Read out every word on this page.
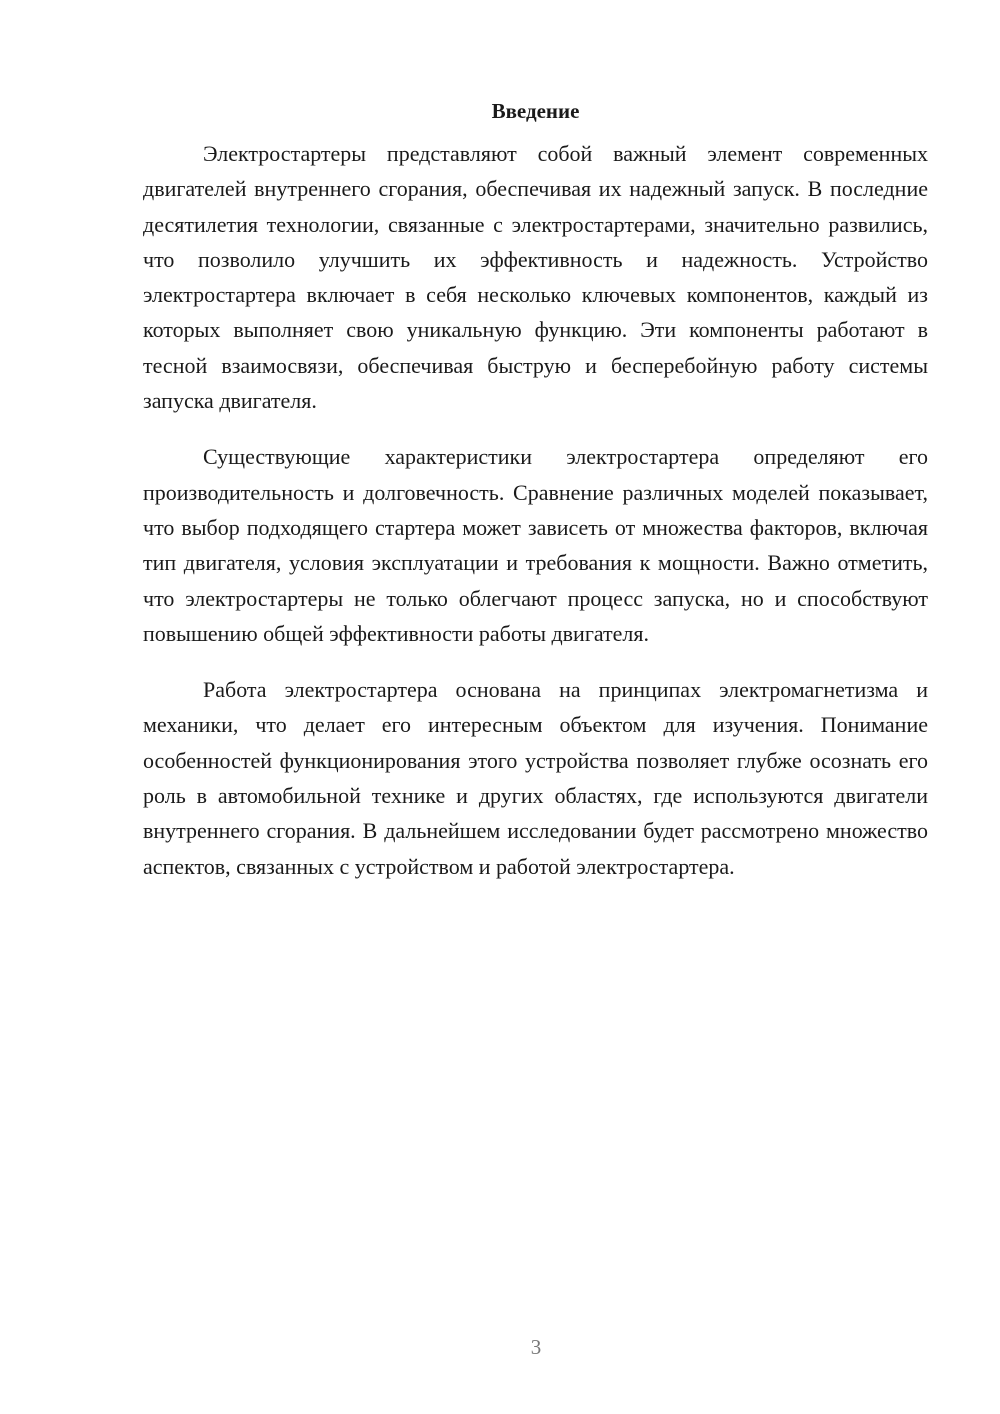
Введение

Электростартеры представляют собой важный элемент современных двигателей внутреннего сгорания, обеспечивая их надежный запуск. В последние десятилетия технологии, связанные с электростартерами, значительно развились, что позволило улучшить их эффективность и надежность. Устройство электростартера включает в себя несколько ключевых компонентов, каждый из которых выполняет свою уникальную функцию. Эти компоненты работают в тесной взаимосвязи, обеспечивая быструю и бесперебойную работу системы запуска двигателя.

Существующие характеристики электростартера определяют его производительность и долговечность. Сравнение различных моделей показывает, что выбор подходящего стартера может зависеть от множества факторов, включая тип двигателя, условия эксплуатации и требования к мощности. Важно отметить, что электростартеры не только облегчают процесс запуска, но и способствуют повышению общей эффективности работы двигателя.

Работа электростартера основана на принципах электромагнетизма и механики, что делает его интересным объектом для изучения. Понимание особенностей функционирования этого устройства позволяет глубже осознать его роль в автомобильной технике и других областях, где используются двигатели внутреннего сгорания. В дальнейшем исследовании будет рассмотрено множество аспектов, связанных с устройством и работой электростартера.

3
